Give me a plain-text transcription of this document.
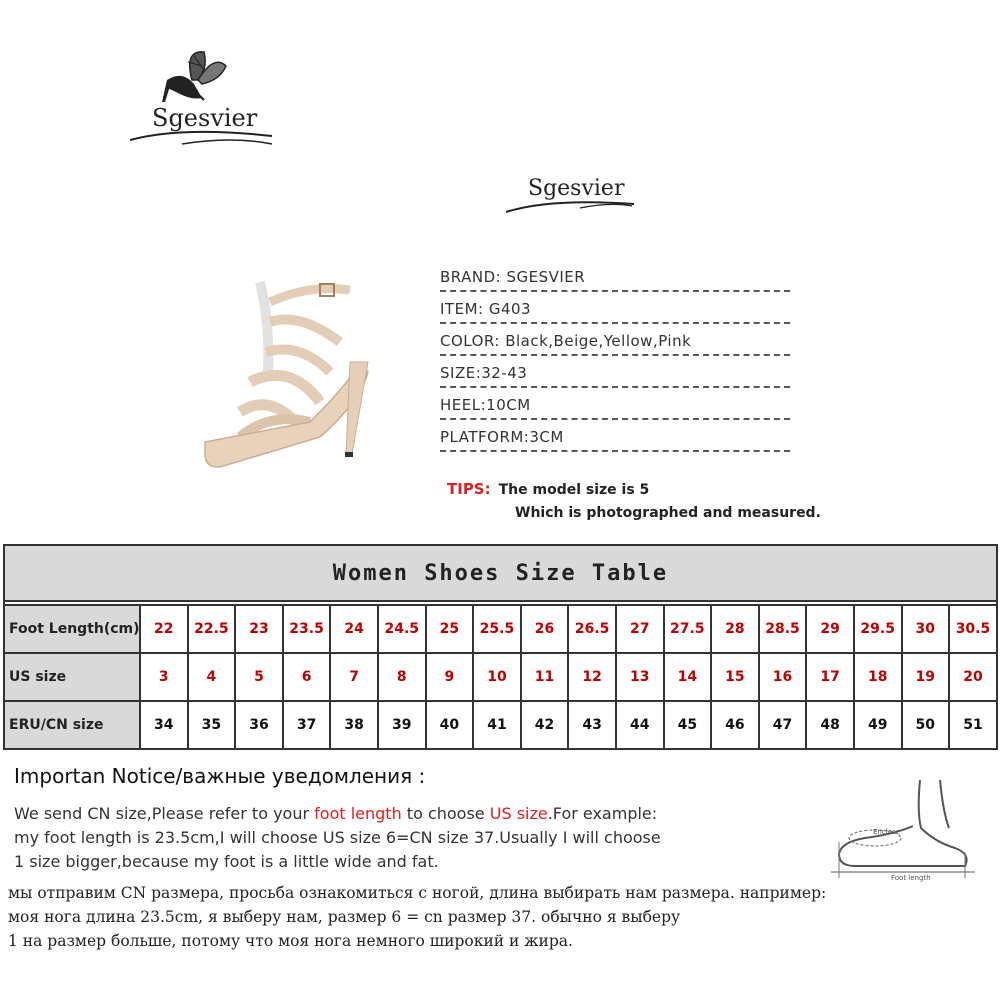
Sgesvier
Sgesvier
BRAND: SGESVIER
ITEM: G403
COLOR: Black,Beige,Yellow,Pink
SIZE:32-43
HEEL:10CM
PLATFORM:3CM
TIPS: The model size is 5
Which is photographed and measured.
Women Shoes Size Table																		

Foot Length(cm)	22	22.5	23	23.5	24	24.5	25	25.5	26	26.5	27	27.5	28	28.5	29	29.5	30	30.5
US size	3	4	5	6	7	8	9	10	11	12	13	14	15	16	17	18	19	20
ERU/CN size	34	35	36	37	38	39	40	41	42	43	44	45	46	47	48	49	50	51
Importan Notice/важные уведомления :
We send CN size,Please refer to your foot length to choose US size.For example:
my foot length is 23.5cm,I will choose US size 6=CN size 37.Usually I will choose
1 size bigger,because my foot is a little wide and fat.
мы отправим CN размера, просьба ознакомиться с ногой, длина выбирать нам размера. например:
моя нога длина 23.5cm, я выберу нам, размер 6 = cn размер 37. обычно я выберу
1 на размер больше, потому что моя нога немного широкий и жира.
Enclose
Foot length
